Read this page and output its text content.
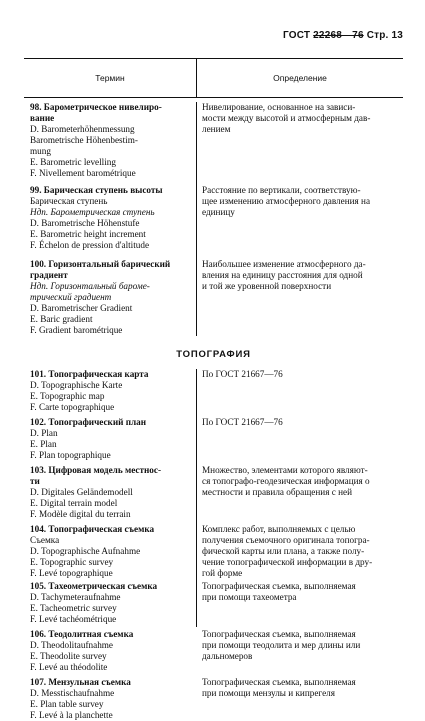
ГОСТ 22268—76 Стр. 13
Термин	Определение
98. Барометрическое нивелиро-
вание
D. Barometerhöhenmessung
Barometrische Höhenbestim-
mung
E. Barometric levelling
F. Nivellement barométrique
Нивелирование, основанное на зависи-
мости между высотой и атмосферным дав-
лением
99. Барическая ступень высоты
Барическая ступень
Ндп. Барометрическая ступень
D. Barometrische Höhenstufe
E. Barometric height increment
F. Échelon de pression d'altitude
Расстояние по вертикали, соответствую-
щее изменению атмосферного давления на
единицу
100. Горизонтальный барический
градиент
Ндп. Горизонтальный бароме-
трический градиент
D. Barometrischer Gradient
E. Baric gradient
F. Gradient barométrique
Наибольшее изменение атмосферного да-
вления на единицу расстояния для одной
и той же уровенной поверхности
ТОПОГРАФИЯ
101. Топографическая карта
D. Topographische Karte
E. Topographic map
F. Carte topographique
По ГОСТ 21667—76
102. Топографический план
D. Plan
E. Plan
F. Plan topographique
По ГОСТ 21667—76
103. Цифровая модель местнос-
ти
D. Digitales Geländemodell
E. Digital terrain model
F. Modèle digital du terrain
Множество, элементами которого являют-
ся топографо-геодезическая информация о
местности и правила обращения с ней
104. Топографическая съемка
Съемка
D. Topographische Aufnahme
E. Topographic survey
F. Levé topographique
Комплекс работ, выполняемых с целью
получения съемочного оригинала топогра-
фической карты или плана, а также полу-
чение топографической информации в дру-
гой форме
105. Тахеометрическая съемка
D. Tachymeteraufnahme
E. Tacheometric survey
F. Levé tachéométrique
Топографическая съемка, выполняемая
при помощи тахеометра
106. Теодолитная съемка
D. Theodolitaufnahme
E. Theodolite survey
F. Levé au théodolite
Топографическая съемка, выполняемая
при помощи теодолита и мер длины или
дальномеров
107. Мензульная съемка
D. Messtischaufnahme
E. Plan table survey
F. Levé à la planchette
Топографическая съемка, выполняемая
при помощи мензулы и кипрегеля
